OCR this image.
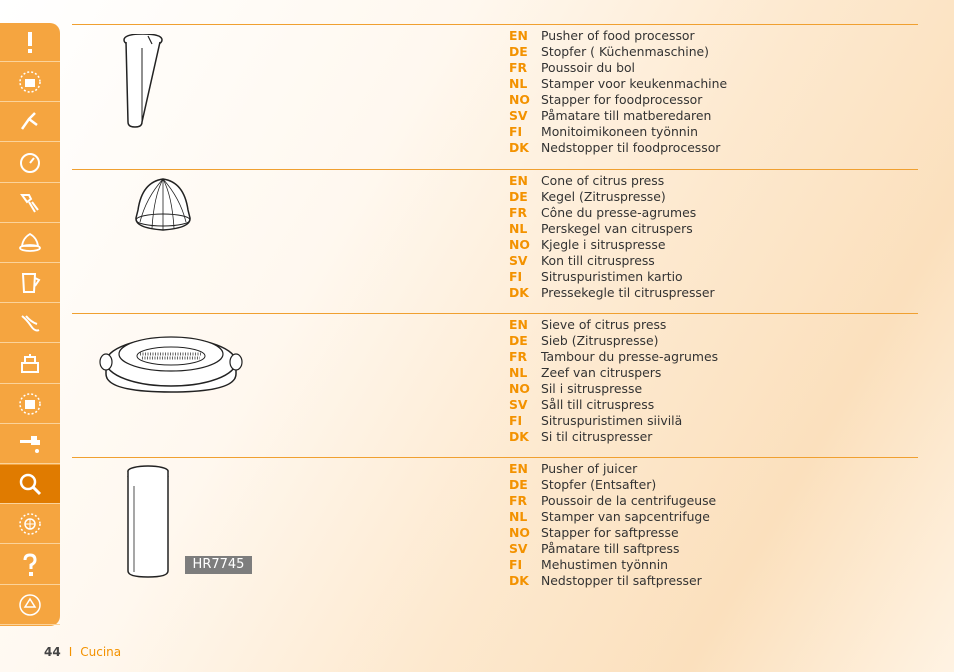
HR7745
EN	Pusher of food processor
DE	Stopfer ( Küchenmaschine)
FR	Poussoir du bol
NL	Stamper voor keukenmachine
NO Stapper for foodprocessor
SV	Påmatare till matberedaren
FI	Monitoimikoneen työnnin
DK Nedstopper til foodprocessor
EN	Cone of citrus press
DE	Kegel (Zitruspresse)
FR	Cône du presse-agrumes
NL	Perskegel van citruspers
NO Kjegle i sitruspresse
SV	Kon till citruspress
FI	Sitruspuristimen kartio
DK Pressekegle til citruspresser
EN	Sieve of citrus press
DE	Sieb (Zitruspresse)
FR	Tambour du presse-agrumes
NL	Zeef van citruspers
NO Sil i sitruspresse
SV	Såll till citruspress
FI	Sitruspuristimen siivilä
DK Si til citruspresser
EN	Pusher of juicer
DE	Stopfer (Entsafter)
FR	Poussoir de la centrifugeuse
NL	Stamper van sapcentrifuge
NO Stapper for saftpresse
SV	Påmatare till saftpress
FI	Mehustimen työnnin
DK Nedstopper til saftpresser
44 I Cucina
